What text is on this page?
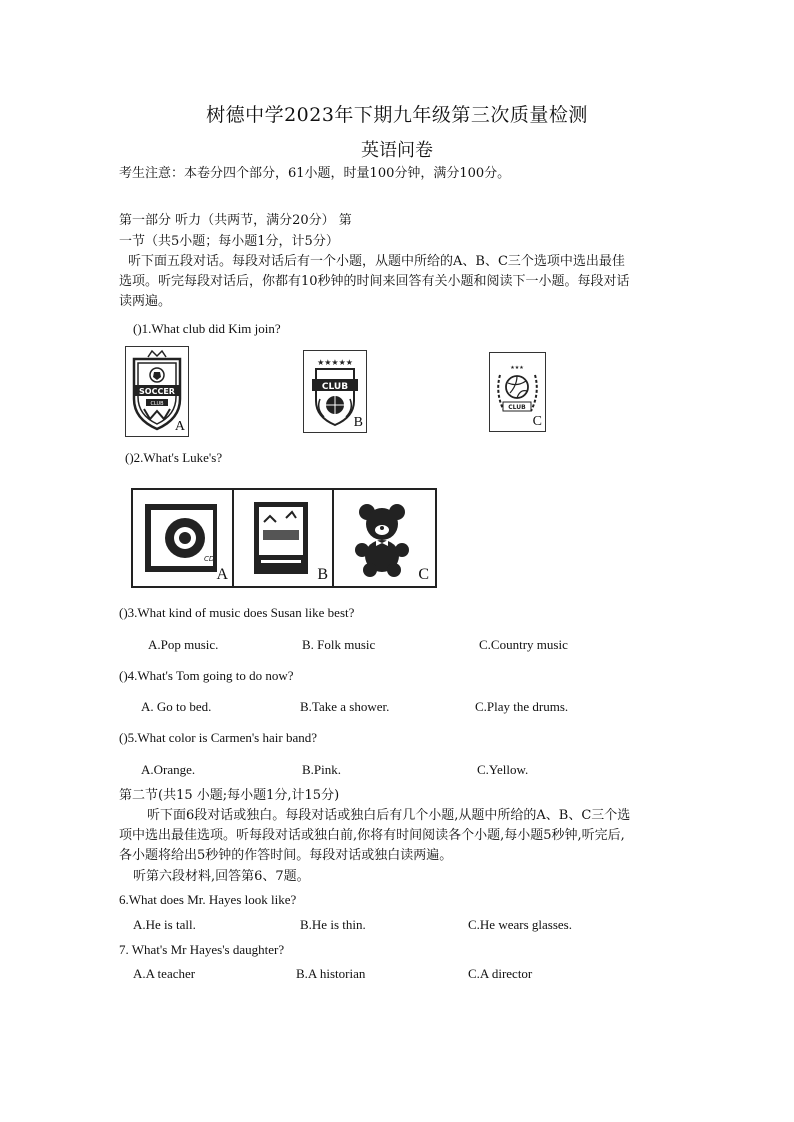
树德中学2023年下期九年级第三次质量检测
英语问卷
考生注意：本卷分四个部分，61小题，时量100分钟，满分100分。
第一部分 听力（共两节，满分20分） 第
一节（共5小题；每小题1分，计5分）
听下面五段对话。每段对话后有一个小题，从题中所给的A、B、C三个选项中选出最佳
选项。听完每段对话后，你都有10秒钟的时间来回答有关小题和阅读下一小题。每段对话
读两遍。
()1.What club did Kim join?
SOCCER
CLUB
A
★★★★★
CLUB
B
★★★
CLUB
C
()2.What's Luke's?
CD
A	B	C
()3.What kind of music does Susan like best?
A.Pop music.	B. Folk music	C.Country music
()4.What's Tom going to do now?
A. Go to bed.	B.Take a shower.	C.Play the drums.
()5.What color is Carmen's hair band?
A.Orange.	B.Pink.	C.Yellow.
第二节(共15 小题;每小题1分,计15分)
听下面6段对话或独白。每段对话或独白后有几个小题,从题中所给的A、B、C三个选
项中选出最佳选项。听每段对话或独白前,你将有时间阅读各个小题,每小题5秒钟,听完后,
各小题将给出5秒钟的作答时间。每段对话或独白读两遍。
听第六段材料,回答第6、7题。
6.What does Mr. Hayes look like?
A.He is tall.	B.He is thin.	C.He wears glasses.
7. What's Mr Hayes's daughter?
A.A teacher	B.A historian	C.A director
